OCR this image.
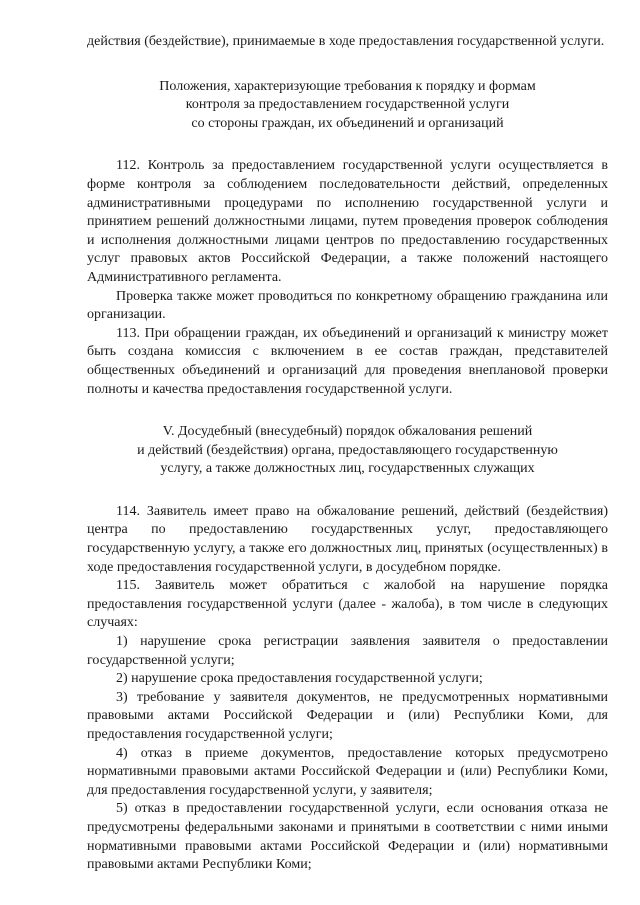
действия (бездействие), принимаемые в ходе предоставления государственной услуги.

Положения, характеризующие требования к порядку и формам

контроля за предоставлением государственной услуги

со стороны граждан, их объединений и организаций

112. Контроль за предоставлением государственной услуги осуществляется в форме контроля за соблюдением последовательности действий, определенных административными процедурами по исполнению государственной услуги и принятием решений должностными лицами, путем проведения проверок соблюдения и исполнения должностными лицами центров по предоставлению государственных услуг правовых актов Российской Федерации, а также положений настоящего Административного регламента.

Проверка также может проводиться по конкретному обращению гражданина или организации.

113. При обращении граждан, их объединений и организаций к министру может быть создана комиссия с включением в ее состав граждан, представителей общественных объединений и организаций для проведения внеплановой проверки полноты и качества предоставления государственной услуги.

V. Досудебный (внесудебный) порядок обжалования решений

и действий (бездействия) органа, предоставляющего государственную

услугу, а также должностных лиц, государственных служащих

114. Заявитель имеет право на обжалование решений, действий (бездействия) центра по предоставлению государственных услуг, предоставляющего государственную услугу, а также его должностных лиц, принятых (осуществленных) в ходе предоставления государственной услуги, в досудебном порядке.

115. Заявитель может обратиться с жалобой на нарушение порядка предоставления государственной услуги (далее - жалоба), в том числе в следующих случаях:

1) нарушение срока регистрации заявления заявителя о предоставлении государственной услуги;

2) нарушение срока предоставления государственной услуги;

3) требование у заявителя документов, не предусмотренных нормативными правовыми актами Российской Федерации и (или) Республики Коми, для предоставления государственной услуги;

4) отказ в приеме документов, предоставление которых предусмотрено нормативными правовыми актами Российской Федерации и (или) Республики Коми, для предоставления государственной услуги, у заявителя;

5) отказ в предоставлении государственной услуги, если основания отказа не предусмотрены федеральными законами и принятыми в соответствии с ними иными нормативными правовыми актами Российской Федерации и (или) нормативными правовыми актами Республики Коми;
